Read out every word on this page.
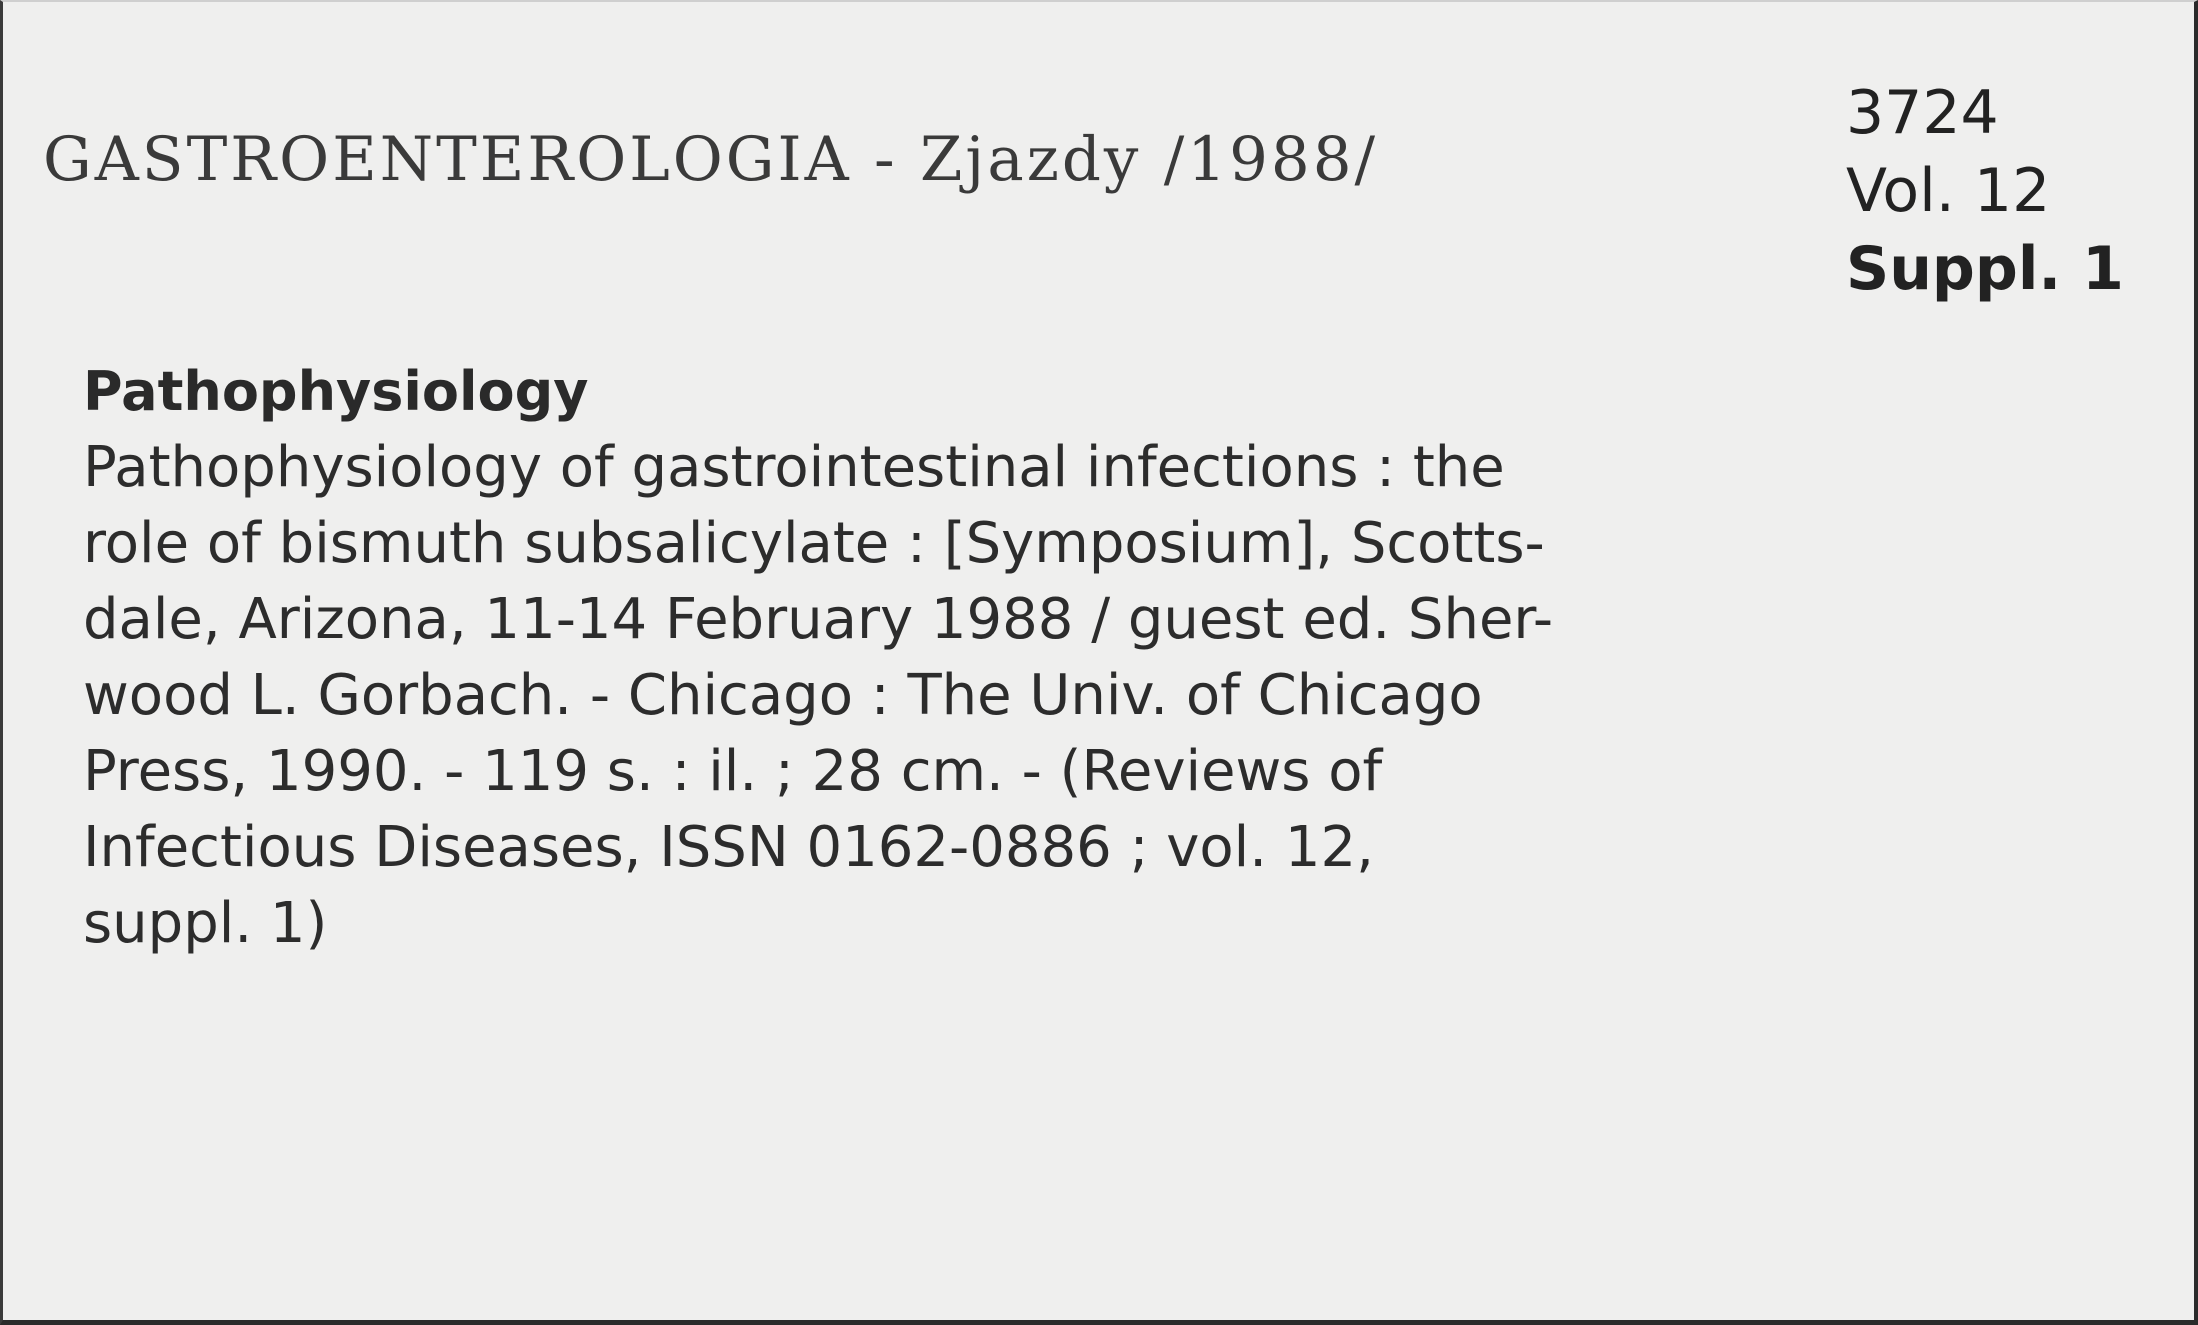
GASTROENTEROLOGIA - Zjazdy /1988/
3724
Vol. 12
Suppl. 1
Pathophysiology
Pathophysiology of gastrointestinal infections : the
role of bismuth subsalicylate : [Symposium], Scotts-
dale, Arizona, 11-14 February 1988 / guest ed. Sher-
wood L. Gorbach. - Chicago : The Univ. of Chicago
Press, 1990. - 119 s. : il. ; 28 cm. - (Reviews of
Infectious Diseases, ISSN 0162-0886 ; vol. 12,
suppl. 1)
